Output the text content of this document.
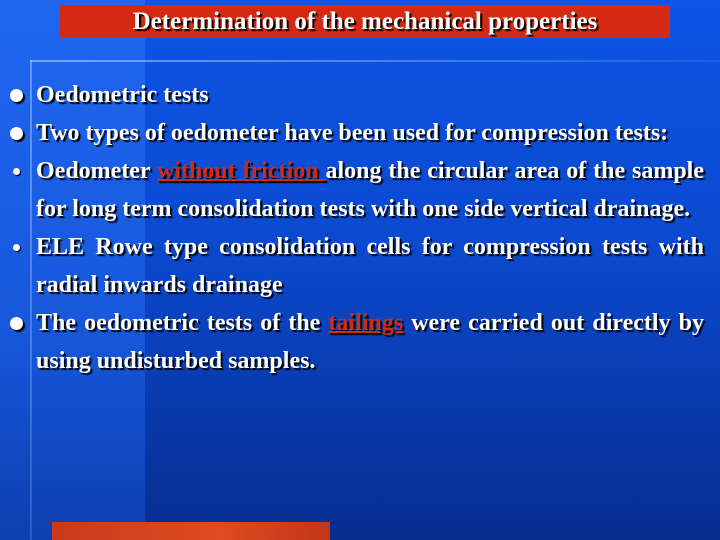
Determination of the mechanical properties
Oedometric tests
Two types of oedometer have been used for compression tests:
Oedometer without friction along the circular area of the sample for long term consolidation tests with one side vertical drainage.
ELE Rowe type consolidation cells for compression tests with radial inwards drainage
The oedometric tests of the tailings were carried out directly by using undisturbed samples.
